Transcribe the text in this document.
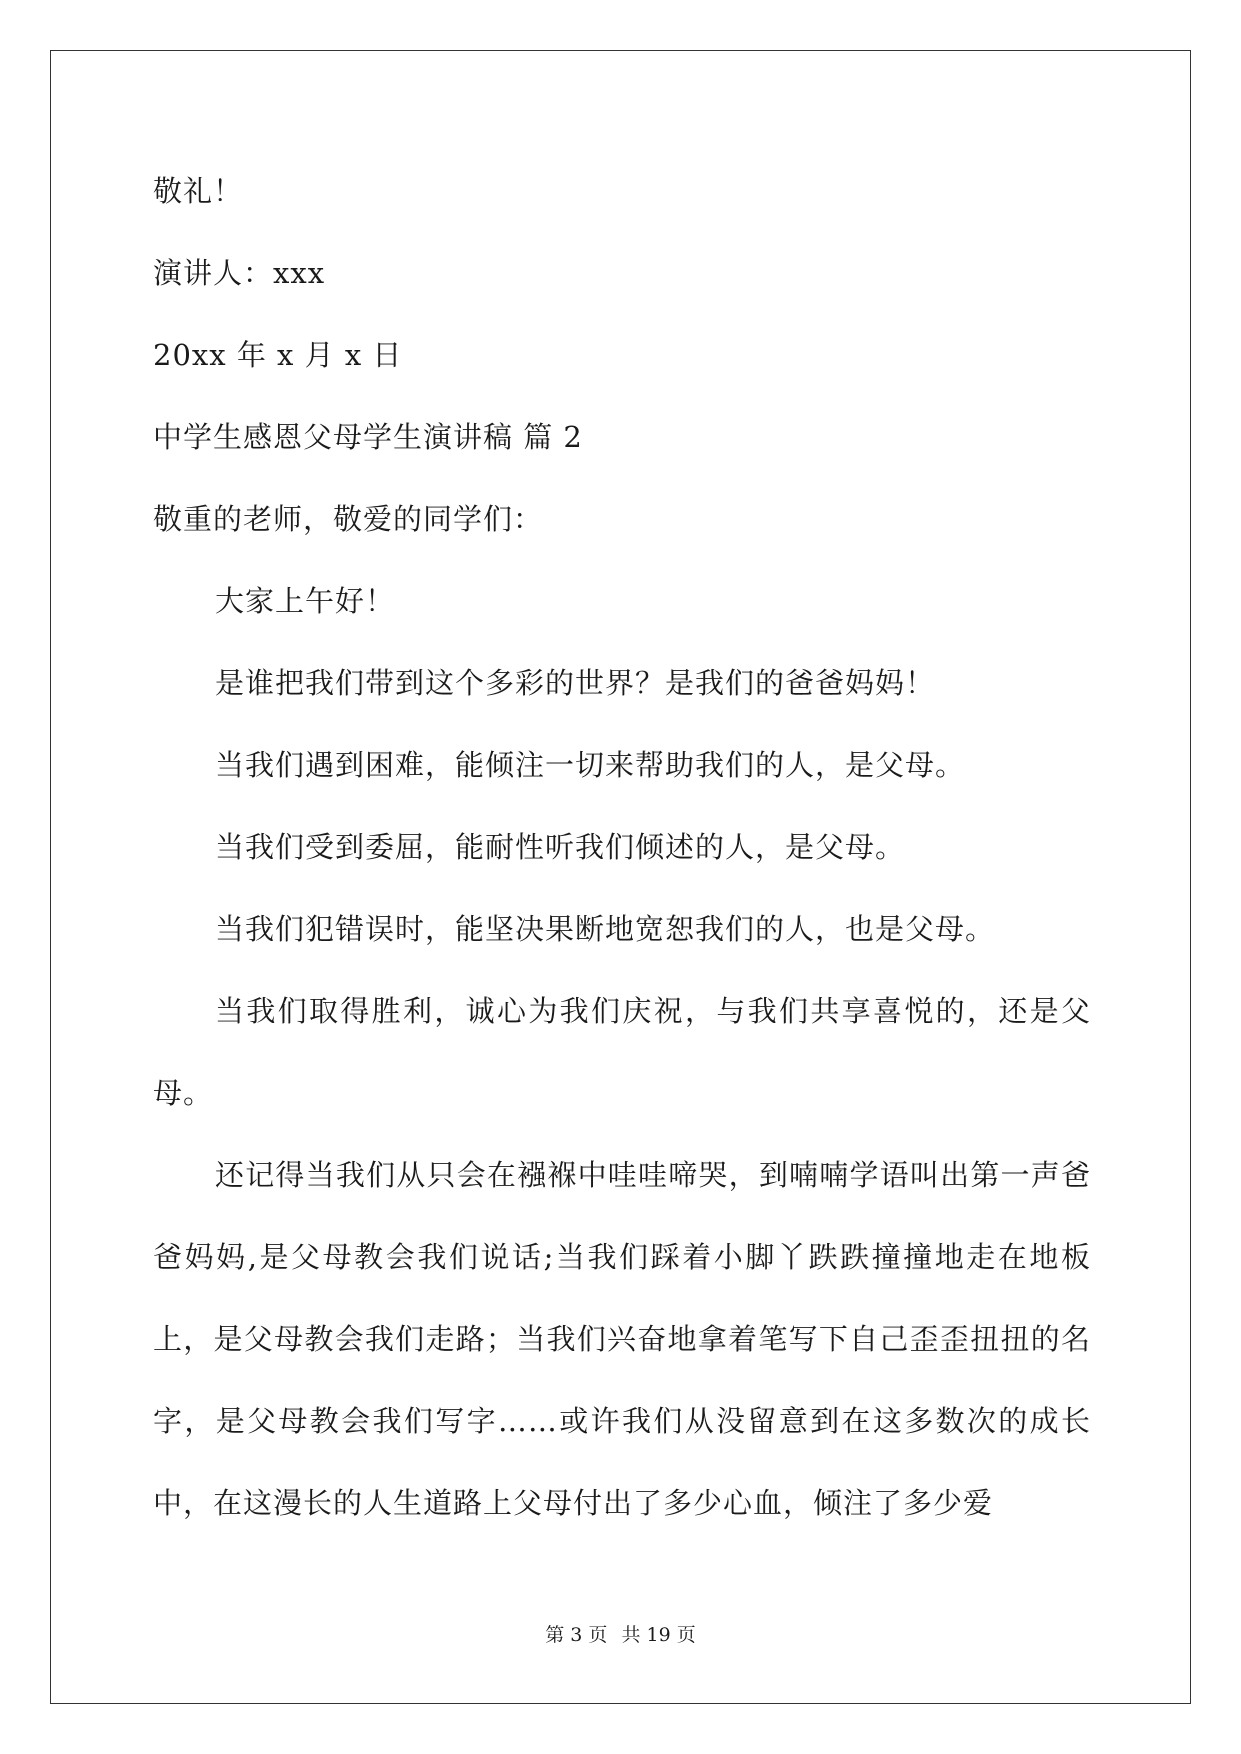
敬礼！
演讲人：xxx
20xx 年 x 月 x 日
中学生感恩父母学生演讲稿 篇 2
敬重的老师，敬爱的同学们：
大家上午好！
是谁把我们带到这个多彩的世界？是我们的爸爸妈妈！
当我们遇到困难，能倾注一切来帮助我们的人，是父母。
当我们受到委屈，能耐性听我们倾述的人，是父母。
当我们犯错误时，能坚决果断地宽恕我们的人，也是父母。
当我们取得胜利，诚心为我们庆祝，与我们共享喜悦的，还是父母。
还记得当我们从只会在襁褓中哇哇啼哭，到喃喃学语叫出第一声爸爸妈妈,是父母教会我们说话;当我们踩着小脚丫跌跌撞撞地走在地板上，是父母教会我们走路；当我们兴奋地拿着笔写下自己歪歪扭扭的名字，是父母教会我们写字……或许我们从没留意到在这多数次的成长中，在这漫长的人生道路上父母付出了多少心血，倾注了多少爱
第 3 页 共 19 页
